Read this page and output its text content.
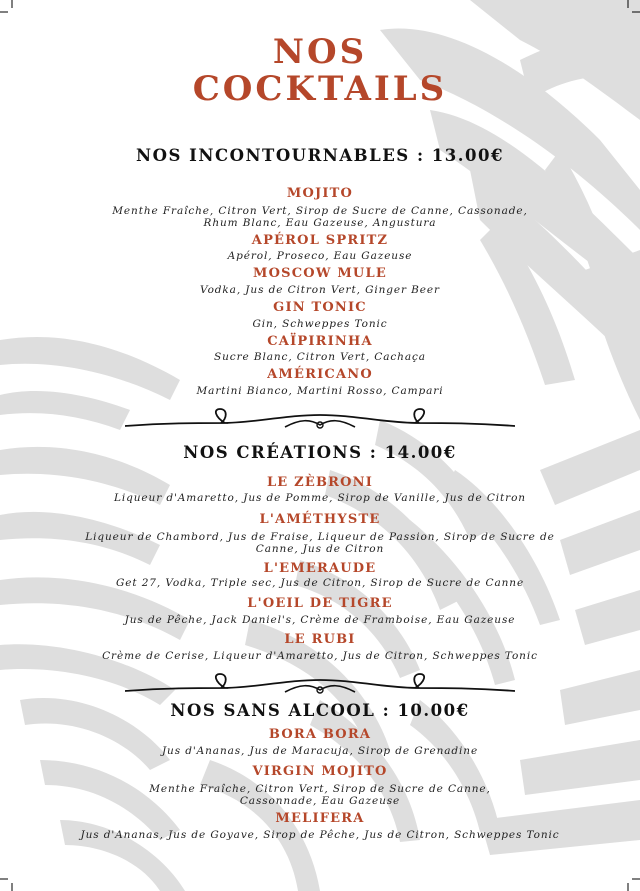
NOS
COCKTAILS
NOS INCONTOURNABLES : 13.00€
MOJITO
Menthe Fraîche, Citron Vert, Sirop de Sucre de Canne, Cassonade,
Rhum Blanc, Eau Gazeuse, Angustura
APÉROL SPRITZ
Apérol, Proseco, Eau Gazeuse
MOSCOW MULE
Vodka, Jus de Citron Vert, Ginger Beer
GIN TONIC
Gin, Schweppes Tonic
CAÏPIRINHA
Sucre Blanc, Citron Vert, Cachaça
AMÉRICANO
Martini Bianco, Martini Rosso, Campari
NOS CRÉATIONS : 14.00€
LE ZÈBRONI
Liqueur d'Amaretto, Jus de Pomme, Sirop de Vanille, Jus de Citron
L'AMÉTHYSTE
Liqueur de Chambord, Jus de Fraise, Liqueur de Passion, Sirop de Sucre de
Canne, Jus de Citron
L'EMERAUDE
Get 27, Vodka, Triple sec, Jus de Citron, Sirop de Sucre de Canne
L'OEIL DE TIGRE
Jus de Pêche, Jack Daniel's, Crème de Framboise, Eau Gazeuse
LE RUBI
Crème de Cerise, Liqueur d'Amaretto, Jus de Citron, Schweppes Tonic
NOS SANS ALCOOL : 10.00€
BORA BORA
Jus d'Ananas, Jus de Maracuja, Sirop de Grenadine
VIRGIN MOJITO
Menthe Fraîche, Citron Vert, Sirop de Sucre de Canne,
Cassonnade, Eau Gazeuse
MELIFERA
Jus d'Ananas, Jus de Goyave, Sirop de Pêche, Jus de Citron, Schweppes Tonic
